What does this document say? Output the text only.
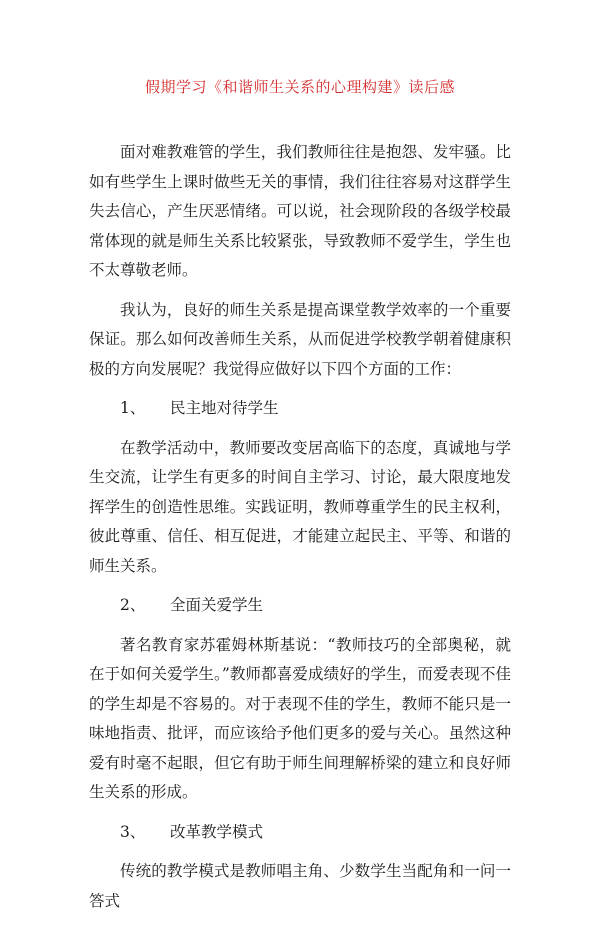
假期学习《和谐师生关系的心理构建》读后感

面对难教难管的学生，我们教师往往是抱怨、发牢骚。比如有些学生上课时做些无关的事情，我们往往容易对这群学生失去信心，产生厌恶情绪。可以说，社会现阶段的各级学校最常体现的就是师生关系比较紧张，导致教师不爱学生，学生也不太尊敬老师。

我认为，良好的师生关系是提高课堂教学效率的一个重要保证。那么如何改善师生关系，从而促进学校教学朝着健康积极的方向发展呢？我觉得应做好以下四个方面的工作：

1、 民主地对待学生

在教学活动中，教师要改变居高临下的态度，真诚地与学生交流，让学生有更多的时间自主学习、讨论，最大限度地发挥学生的创造性思维。实践证明，教师尊重学生的民主权利，彼此尊重、信任、相互促进，才能建立起民主、平等、和谐的师生关系。

2、 全面关爱学生

著名教育家苏霍姆林斯基说：“教师技巧的全部奥秘，就在于如何关爱学生。”教师都喜爱成绩好的学生，而爱表现不佳的学生却是不容易的。对于表现不佳的学生，教师不能只是一味地指责、批评，而应该给予他们更多的爱与关心。虽然这种爱有时毫不起眼，但它有助于师生间理解桥梁的建立和良好师生关系的形成。

3、 改革教学模式

传统的教学模式是教师唱主角、少数学生当配角和一问一答式
